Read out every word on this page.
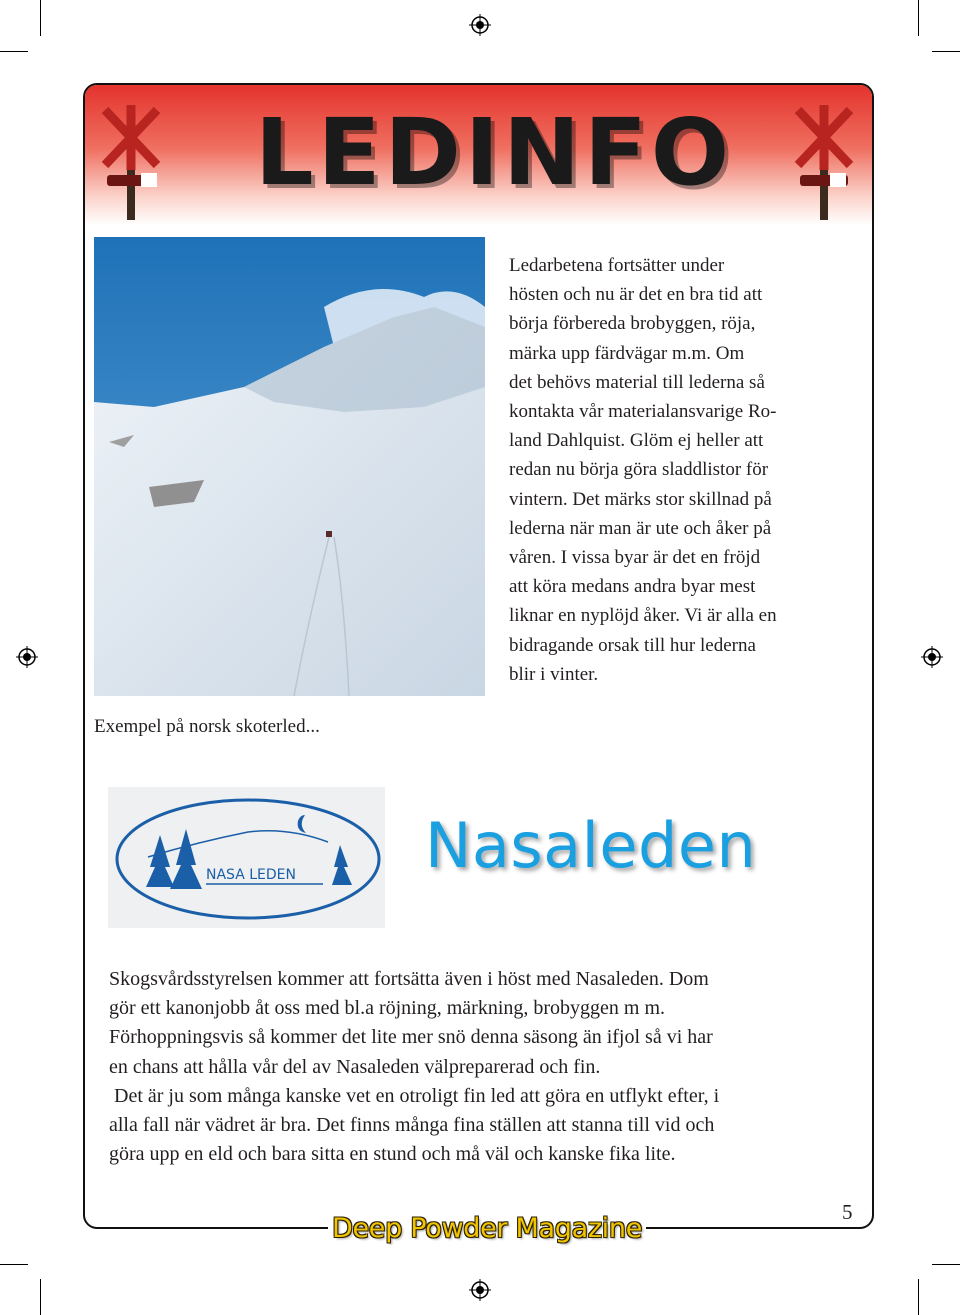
LEDINFO
Exempel på norsk skoterled...
Ledarbetena fortsätter under
hösten och nu är det en bra tid att
börja förbereda brobyggen, röja,
märka upp färdvägar m.m. Om
det behövs material till lederna så
kontakta vår materialansvarige Ro-
land Dahlquist. Glöm ej heller att
redan nu börja göra sladdlistor för
vintern. Det märks stor skillnad på
lederna när man är ute och åker på
våren. I vissa byar är det en fröjd
att köra medans andra byar mest
liknar en nyplöjd åker. Vi är alla en
bidragande orsak till hur lederna
blir i vinter.
NASA LEDEN Nasaleden
Skogsvårdsstyrelsen kommer att fortsätta även i höst med Nasaleden. Dom
gör ett kanonjobb åt oss med bl.a röjning, märkning, brobyggen m m.
Förhoppningsvis så kommer det lite mer snö denna säsong än ifjol så vi har
en chans att hålla vår del av Nasaleden välpreparerad och fin.
Det är ju som många kanske vet en otroligt fin led att göra en utflykt efter, i
alla fall när vädret är bra. Det finns många fina ställen att stanna till vid och
göra upp en eld och bara sitta en stund och må väl och kanske fika lite.
5
Deep Powder Magazine
